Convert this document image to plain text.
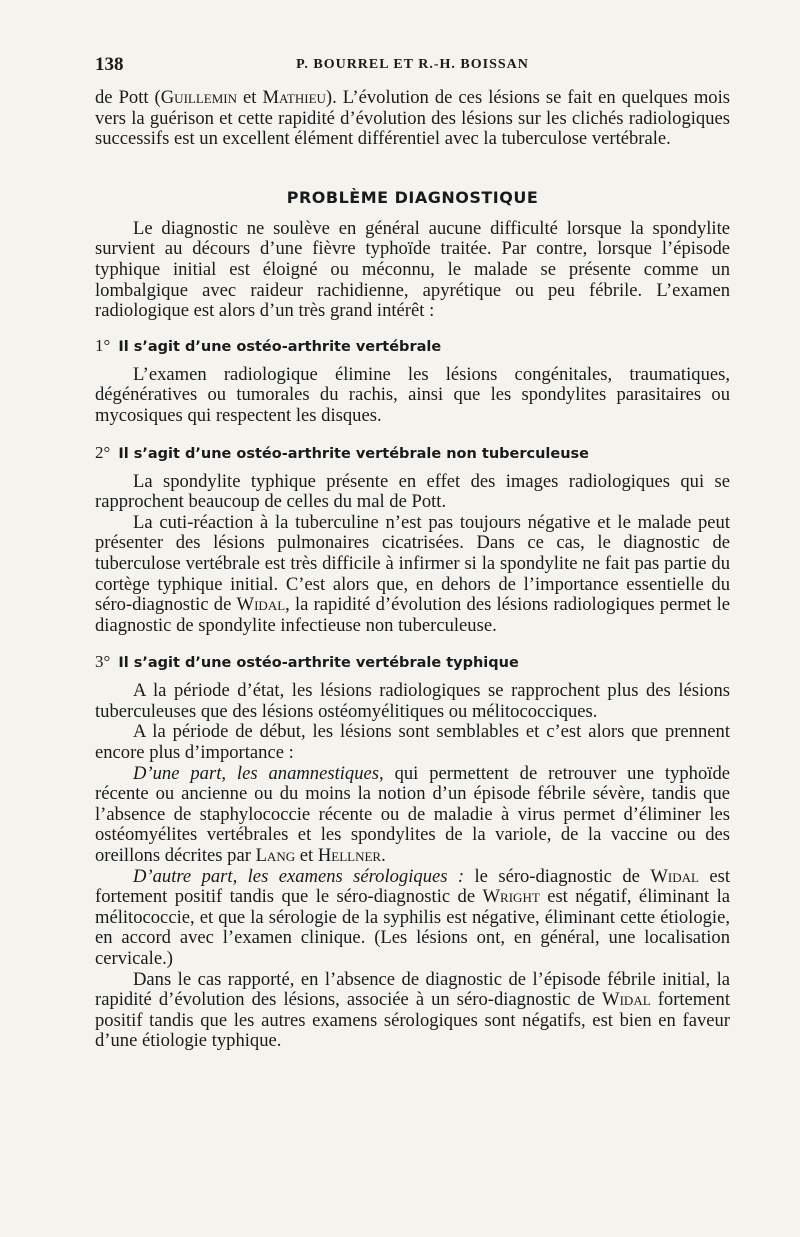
138	P. BOURREL ET R.-H. BOISSAN

de Pott (Guillemin et Mathieu). L’évolution de ces lésions se fait en quelques mois vers la guérison et cette rapidité d’évolution des lésions sur les clichés radiologiques successifs est un excellent élément différentiel avec la tuberculose vertébrale.

PROBLÈME DIAGNOSTIQUE

Le diagnostic ne soulève en général aucune difficulté lorsque la spondylite survient au décours d’une fièvre typhoïde traitée. Par contre, lorsque l’épisode typhique initial est éloigné ou méconnu, le malade se présente comme un lombalgique avec raideur rachidienne, apyrétique ou peu fébrile. L’examen radiologique est alors d’un très grand intérêt :

1° Il s’agit d’une ostéo-arthrite vertébrale

L’examen radiologique élimine les lésions congénitales, traumatiques, dégénératives ou tumorales du rachis, ainsi que les spondylites parasitaires ou mycosiques qui respectent les disques.

2° Il s’agit d’une ostéo-arthrite vertébrale non tuberculeuse

La spondylite typhique présente en effet des images radiologiques qui se rapprochent beaucoup de celles du mal de Pott.

La cuti-réaction à la tuberculine n’est pas toujours négative et le malade peut présenter des lésions pulmonaires cicatrisées. Dans ce cas, le diagnostic de tuberculose vertébrale est très difficile à infirmer si la spondylite ne fait pas partie du cortège typhique initial. C’est alors que, en dehors de l’importance essentielle du séro-diagnostic de Widal, la rapidité d’évolution des lésions radiologiques permet le diagnostic de spondylite infectieuse non tuberculeuse.

3° Il s’agit d’une ostéo-arthrite vertébrale typhique

A la période d’état, les lésions radiologiques se rapprochent plus des lésions tuberculeuses que des lésions ostéomyélitiques ou mélitococciques.

A la période de début, les lésions sont semblables et c’est alors que prennent encore plus d’importance :

D’une part, les anamnestiques, qui permettent de retrouver une typhoïde récente ou ancienne ou du moins la notion d’un épisode fébrile sévère, tandis que l’absence de staphylococcie récente ou de maladie à virus permet d’éliminer les ostéomyélites vertébrales et les spondylites de la variole, de la vaccine ou des oreillons décrites par Lang et Hellner.

D’autre part, les examens sérologiques : le séro-diagnostic de Widal est fortement positif tandis que le séro-diagnostic de Wright est négatif, éliminant la mélitococcie, et que la sérologie de la syphilis est négative, éliminant cette étiologie, en accord avec l’examen clinique. (Les lésions ont, en général, une localisation cervicale.)

Dans le cas rapporté, en l’absence de diagnostic de l’épisode fébrile initial, la rapidité d’évolution des lésions, associée à un séro-diagnostic de Widal fortement positif tandis que les autres examens sérologiques sont négatifs, est bien en faveur d’une étiologie typhique.
